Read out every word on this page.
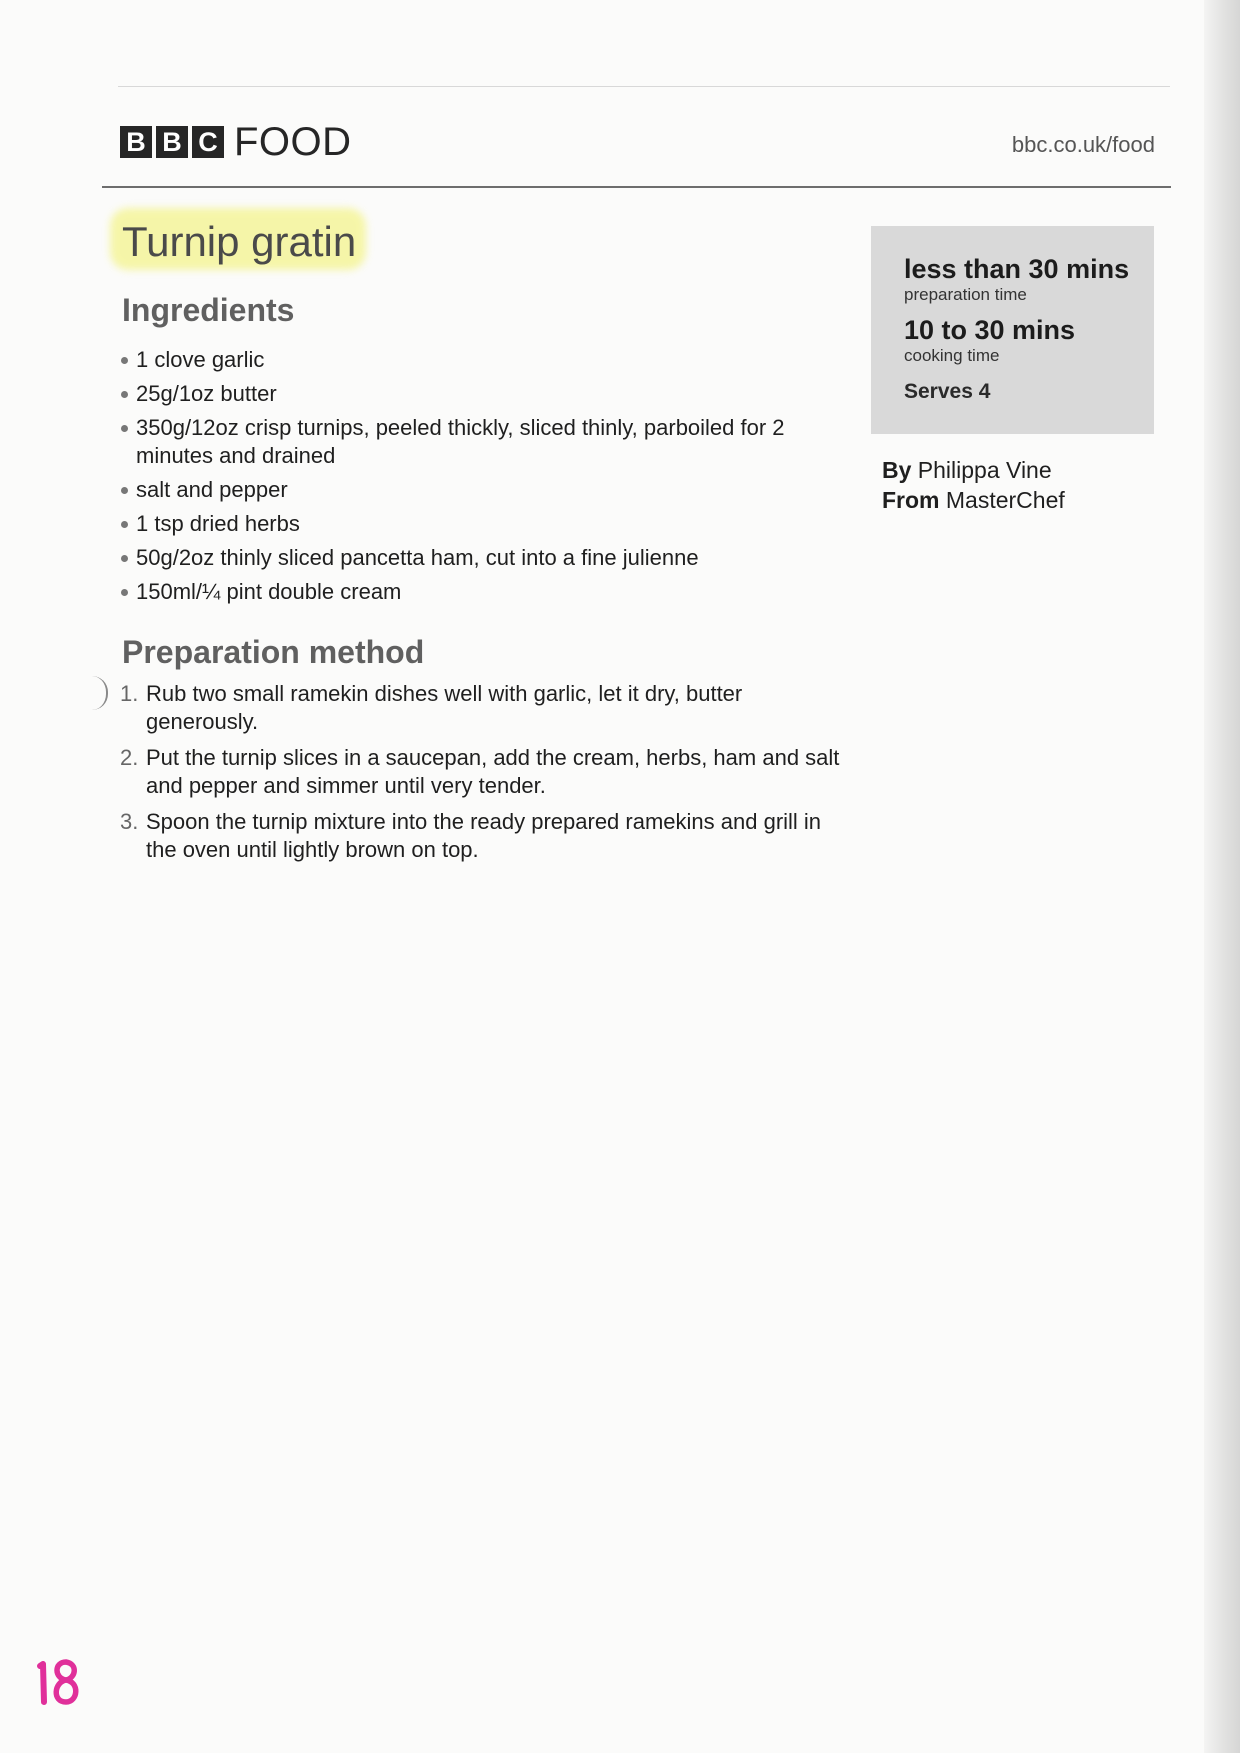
B B C FOOD	bbc.co.uk/food
Turnip gratin
Ingredients
1 clove garlic
25g/1oz butter
350g/12oz crisp turnips, peeled thickly, sliced thinly, parboiled for 2 minutes and drained
salt and pepper
1 tsp dried herbs
50g/2oz thinly sliced pancetta ham, cut into a fine julienne
150ml/¼ pint double cream
Preparation method
1. Rub two small ramekin dishes well with garlic, let it dry, butter generously.
2. Put the turnip slices in a saucepan, add the cream, herbs, ham and salt and pepper and simmer until very tender.
3. Spoon the turnip mixture into the ready prepared ramekins and grill in the oven until lightly brown on top.
less than 30 mins
preparation time
10 to 30 mins
cooking time
Serves 4
By Philippa Vine
From MasterChef
